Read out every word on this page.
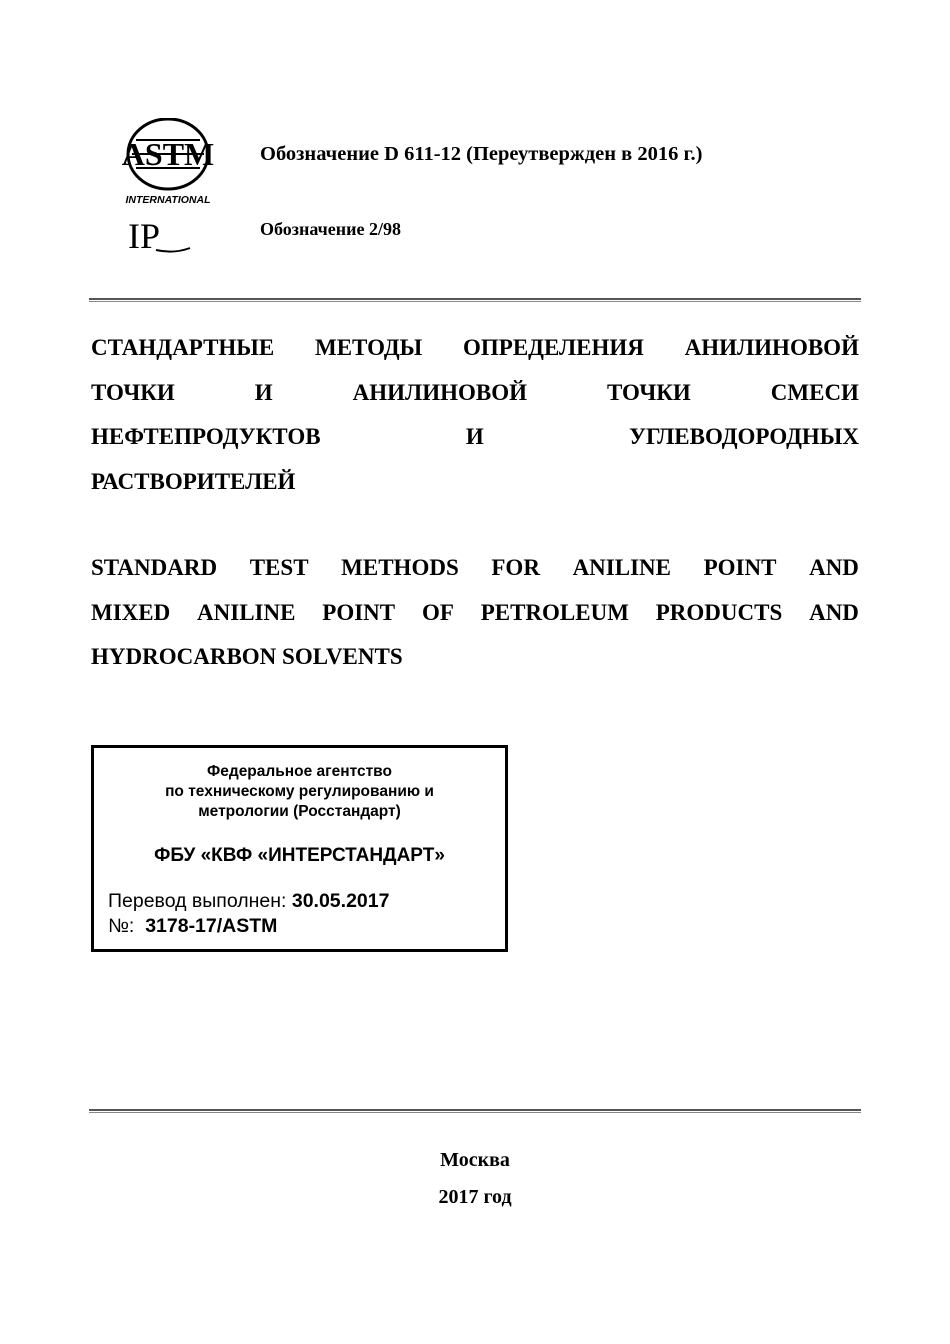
ASTM
INTERNATIONAL
IP
Обозначение D 611-12 (Переутвержден в 2016 г.)
Обозначение 2/98
СТАНДАРТНЫЕ МЕТОДЫ ОПРЕДЕЛЕНИЯ АНИЛИНОВОЙ
ТОЧКИ	И	АНИЛИНОВОЙ	ТОЧКИ	СМЕСИ
НЕФТЕПРОДУКТОВ	И	УГЛЕВОДОРОДНЫХ
РАСТВОРИТЕЛЕЙ
STANDARD TEST METHODS FOR ANILINE POINT AND
MIXED ANILINE POINT OF PETROLEUM PRODUCTS AND
HYDROCARBON SOLVENTS
Федеральное агентство
по техническому регулированию и
метрологии (Росстандарт)
ФБУ «КВФ «ИНТЕРСТАНДАРТ»
Перевод выполнен: 30.05.2017
№: 3178-17/ASTM
Москва
2017 год
